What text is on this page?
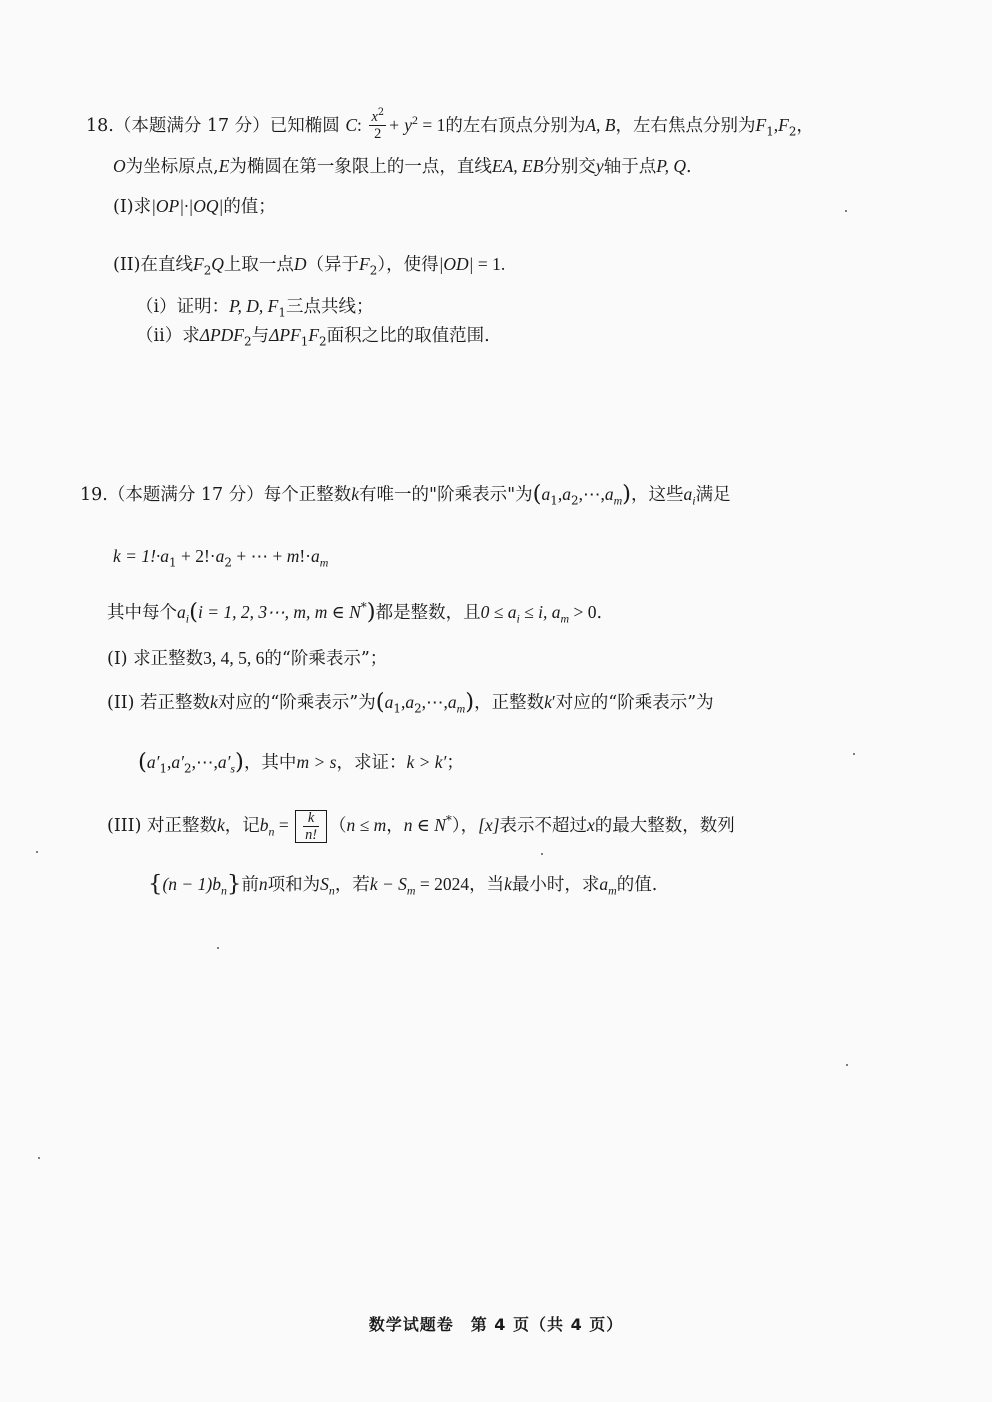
18.（本题满分 17 分）已知椭圆 C: $\frac{x^2}{2} + y^2 = 1$的左右顶点分别为A, B，左右焦点分别为$F_1,F_2$，
O为坐标原点,E为椭圆在第一象限上的一点，直线EA, EB分别交y轴于点P, Q.
(I)求|OP|·|OQ|的值；
(II)在直线$F_2Q$上取一点D（异于$F_2$），使得|OD| = 1.
（i）证明：P, D, $F_1$三点共线；
（ii）求$\Delta PDF_2$与$\Delta PF_1F_2$面积之比的取值范围.
19.（本题满分 17 分）每个正整数k有唯一的"阶乘表示"为$(a_1,a_2,\cdots,a_m)$，这些$a_i$满足
$k = 1!\cdot a_1 + 2!\cdot a_2$ + ⋯ + $m!\cdot a_m$
其中每个$a_i(i = 1$, 2, 3⋯, m, m ∈ N*)都是整数，且$0 \le a_i \le i$, $a_m > 0$.
(I) 求正整数3, 4, 5, 6的“阶乘表示”；
(II) 若正整数k对应的“阶乘表示”为$(a_1,a_2,\cdots,a_m)$，正整数k′对应的“阶乘表示”为
$(a'_1,a'_2,\cdots,a'_s)$，其中m > s，求证：k > k′；
(III) 对正整数k，记$b_n = \frac{k}{n!} (n \le m$，n ∈ N*），[x]表示不超过x的最大整数，数列
$\{(n - 1)b_n\}$前n项和为$S_n$，若$k - S_m = 2024$，当k最小时，求$a_m$的值.
数学试题卷　第 4 页（共 4 页）
